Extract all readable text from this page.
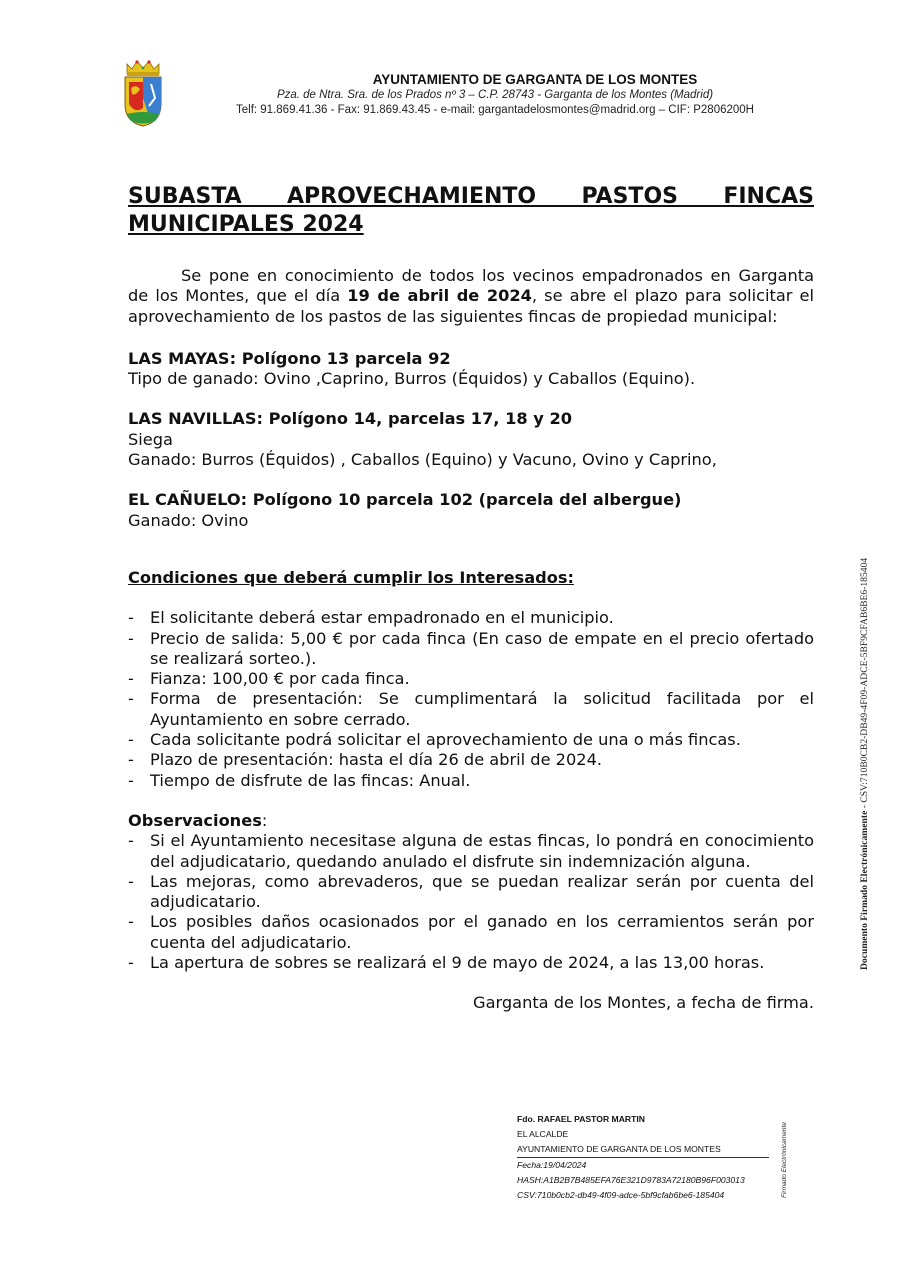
AYUNTAMIENTO DE GARGANTA DE LOS MONTES
Pza. de Ntra. Sra. de los Prados nº 3 – C.P. 28743 - Garganta de los Montes (Madrid)
Telf: 91.869.41.36 - Fax: 91.869.43.45 - e-mail: gargantadelosmontes@madrid.org – CIF: P2806200H
SUBASTA APROVECHAMIENTO PASTOS FINCAS
MUNICIPALES 2024
Se pone en conocimiento de todos los vecinos empadronados en Garganta de los Montes, que el día 19 de abril de 2024, se abre el plazo para solicitar el aprovechamiento de los pastos de las siguientes fincas de propiedad municipal:
LAS MAYAS: Polígono 13 parcela 92
Tipo de ganado: Ovino ,Caprino, Burros (Équidos) y Caballos (Equino).
LAS NAVILLAS: Polígono 14, parcelas 17, 18 y 20
Siega
Ganado: Burros (Équidos) , Caballos (Equino) y Vacuno, Ovino y Caprino,
EL CAÑUELO: Polígono 10 parcela 102 (parcela del albergue)
Ganado: Ovino
Condiciones que deberá cumplir los Interesados:
- El solicitante deberá estar empadronado en el municipio.
- Precio de salida: 5,00 € por cada finca (En caso de empate en el precio ofertado se realizará sorteo.).
- Fianza: 100,00 € por cada finca.
- Forma de presentación: Se cumplimentará la solicitud facilitada por el Ayuntamiento en sobre cerrado.
- Cada solicitante podrá solicitar el aprovechamiento de una o más fincas.
- Plazo de presentación: hasta el día 26 de abril de 2024.
- Tiempo de disfrute de las fincas: Anual.
Observaciones:
- Si el Ayuntamiento necesitase alguna de estas fincas, lo pondrá en conocimiento del adjudicatario, quedando anulado el disfrute sin indemnización alguna.
- Las mejoras, como abrevaderos, que se puedan realizar serán por cuenta del adjudicatario.
- Los posibles daños ocasionados por el ganado en los cerramientos serán por cuenta del adjudicatario.
- La apertura de sobres se realizará el 9 de mayo de 2024, a las 13,00 horas.
Garganta de los Montes, a fecha de firma.
Fdo. RAFAEL PASTOR MARTIN
EL ALCALDE
AYUNTAMIENTO DE GARGANTA DE LOS MONTES
Fecha:19/04/2024
HASH:A1B2B7B485EFA76E321D9783A72180B96F003013
CSV:710b0cb2-db49-4f09-adce-5bf9cfab6be6-185404	Firmado Electrónicamente
Documento Firmado Electrónicamente - CSV:710B0CB2-DB49-4F09-ADCE-5BF9CFAB6BE6-185404
